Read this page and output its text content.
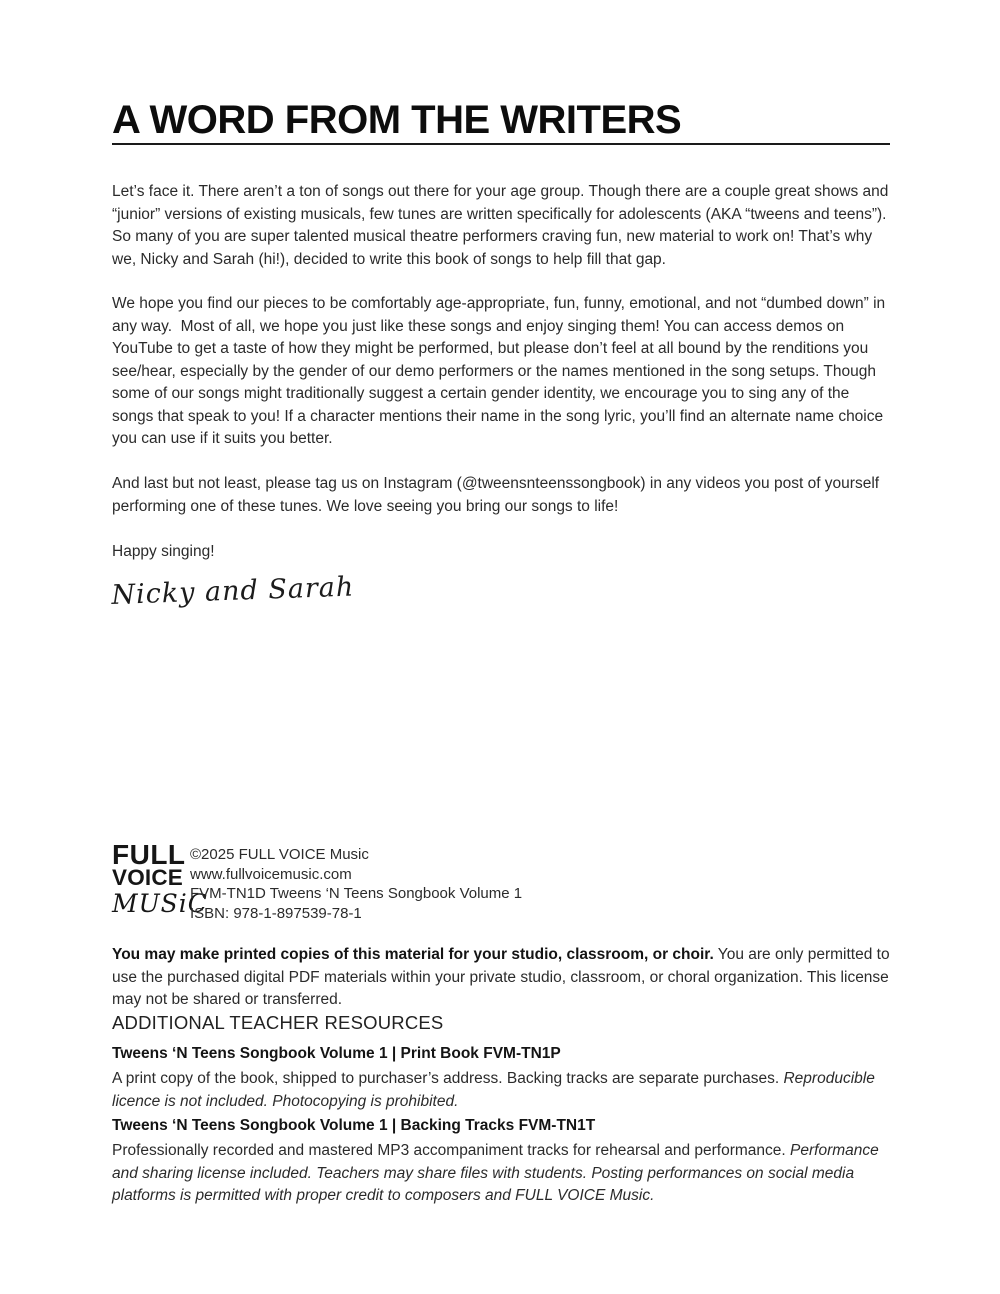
A WORD FROM THE WRITERS

Let’s face it. There aren’t a ton of songs out there for your age group. Though there are a couple great shows and “junior” versions of existing musicals, few tunes are written specifically for adolescents (AKA “tweens and teens”). So many of you are super talented musical theatre performers craving fun, new material to work on! That’s why we, Nicky and Sarah (hi!), decided to write this book of songs to help fill that gap.

We hope you find our pieces to be comfortably age-appropriate, fun, funny, emotional, and not “dumbed down” in any way.  Most of all, we hope you just like these songs and enjoy singing them! You can access demos on YouTube to get a taste of how they might be performed, but please don’t feel at all bound by the renditions you see/hear, especially by the gender of our demo performers or the names mentioned in the song setups. Though some of our songs might traditionally suggest a certain gender identity, we encourage you to sing any of the songs that speak to you! If a character mentions their name in the song lyric, you’ll find an alternate name choice you can use if it suits you better.

And last but not least, please tag us on Instagram (@tweensnteenssongbook) in any videos you post of yourself performing one of these tunes. We love seeing you bring our songs to life!

Happy singing!

Nicky and Sarah
FULL
VOICE
MUSiC
©2025 FULL VOICE Music
www.fullvoicemusic.com
FVM-TN1D Tweens ‘N Teens Songbook Volume 1
ISBN: 978-1-897539-78-1

You may make printed copies of this material for your studio, classroom, or choir. You are only permitted to use the purchased digital PDF materials within your private studio, classroom, or choral organization. This license may not be shared or transferred.

ADDITIONAL TEACHER RESOURCES
Tweens ‘N Teens Songbook Volume 1 | Print Book FVM-TN1P

A print copy of the book, shipped to purchaser’s address. Backing tracks are separate purchases. Reproducible licence is not included. Photocopying is prohibited.

Tweens ‘N Teens Songbook Volume 1 | Backing Tracks FVM-TN1T

Professionally recorded and mastered MP3 accompaniment tracks for rehearsal and performance. Performance and sharing license included. Teachers may share files with students. Posting performances on social media platforms is permitted with proper credit to composers and FULL VOICE Music.
